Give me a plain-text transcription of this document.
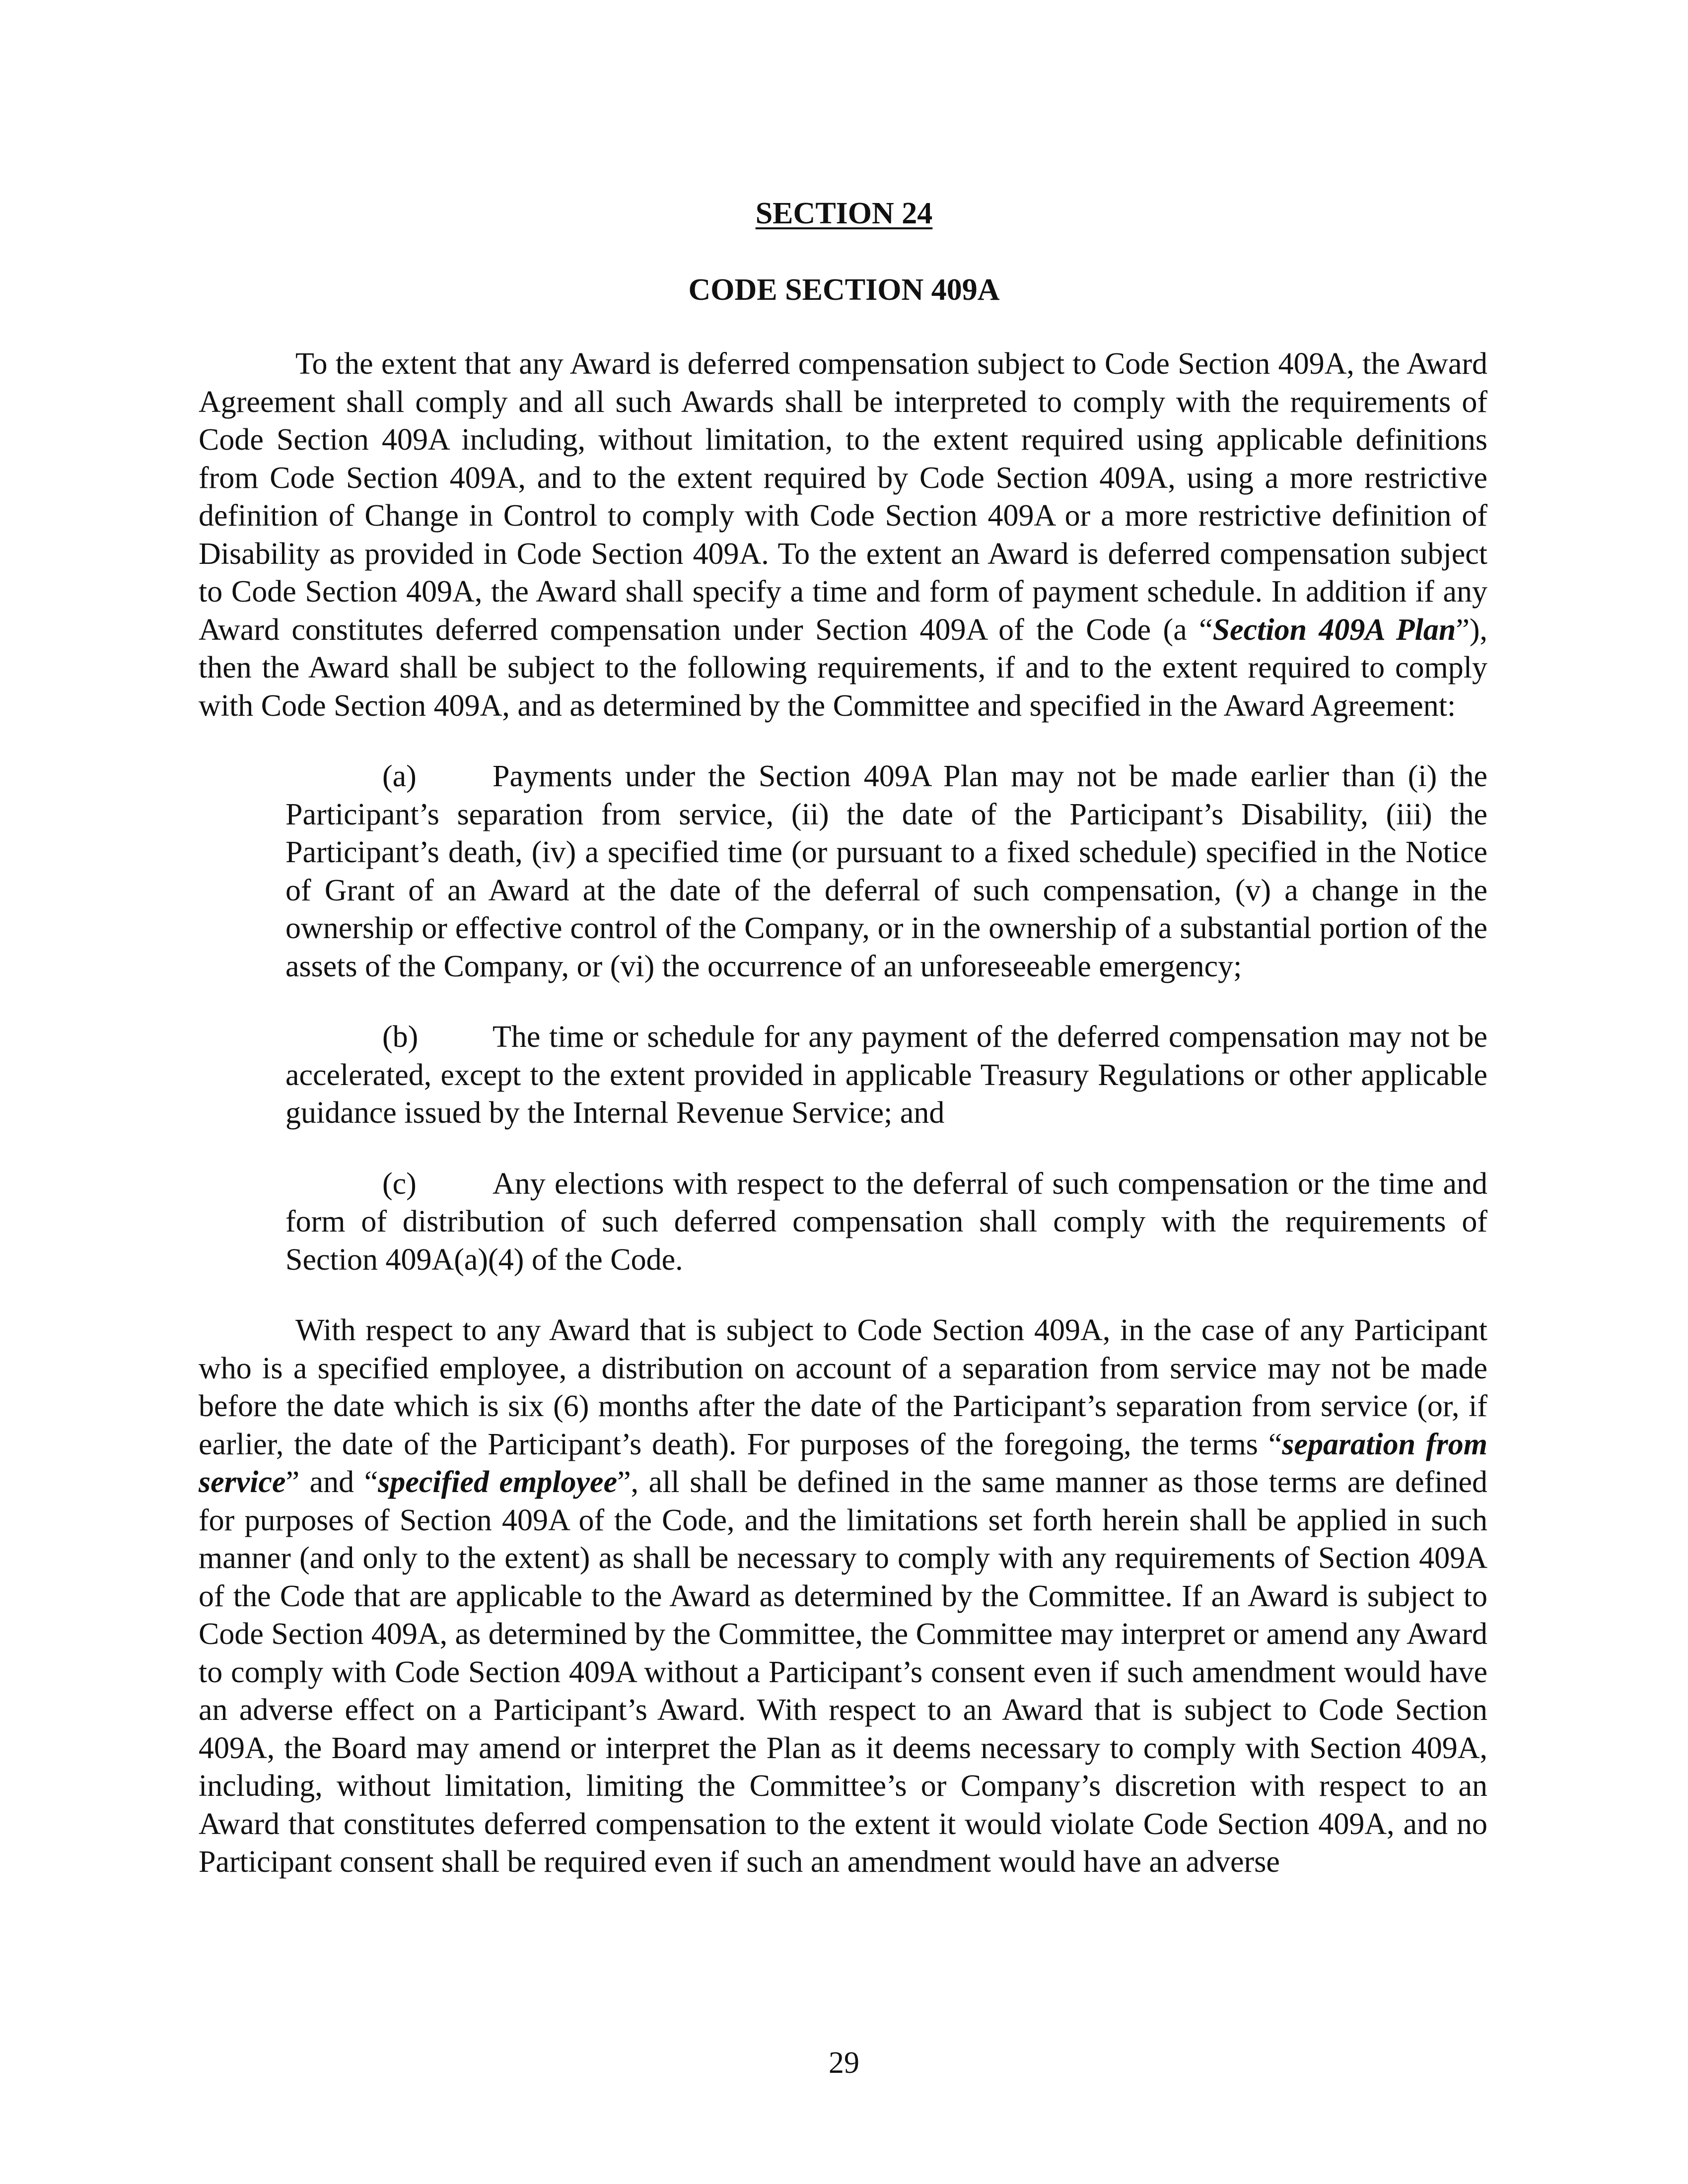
SECTION 24
CODE SECTION 409A

To the extent that any Award is deferred compensation subject to Code Section 409A, the Award Agreement shall comply and all such Awards shall be interpreted to comply with the requirements of Code Section 409A including, without limitation, to the extent required using applicable definitions from Code Section 409A, and to the extent required by Code Section 409A, using a more restrictive definition of Change in Control to comply with Code Section 409A or a more restrictive definition of Disability as provided in Code Section 409A. To the extent an Award is deferred compensation subject to Code Section 409A, the Award shall specify a time and form of payment schedule. In addition if any Award constitutes deferred compensation under Section 409A of the Code (a “Section 409A Plan”), then the Award shall be subject to the following requirements, if and to the extent required to comply with Code Section 409A, and as determined by the Committee and specified in the Award Agreement:

(a) Payments under the Section 409A Plan may not be made earlier than (i) the Participant’s separation from service, (ii) the date of the Participant’s Disability, (iii) the Participant’s death, (iv) a specified time (or pursuant to a fixed schedule) specified in the Notice of Grant of an Award at the date of the deferral of such compensation, (v) a change in the ownership or effective control of the Company, or in the ownership of a substantial portion of the assets of the Company, or (vi) the occurrence of an unforeseeable emergency;

(b) The time or schedule for any payment of the deferred compensation may not be accelerated, except to the extent provided in applicable Treasury Regulations or other applicable guidance issued by the Internal Revenue Service; and

(c) Any elections with respect to the deferral of such compensation or the time and form of distribution of such deferred compensation shall comply with the requirements of Section 409A(a)(4) of the Code.

With respect to any Award that is subject to Code Section 409A, in the case of any Participant who is a specified employee, a distribution on account of a separation from service may not be made before the date which is six (6) months after the date of the Participant’s separation from service (or, if earlier, the date of the Participant’s death). For purposes of the foregoing, the terms “separation from service” and “specified employee”, all shall be defined in the same manner as those terms are defined for purposes of Section 409A of the Code, and the limitations set forth herein shall be applied in such manner (and only to the extent) as shall be necessary to comply with any requirements of Section 409A of the Code that are applicable to the Award as determined by the Committee. If an Award is subject to Code Section 409A, as determined by the Committee, the Committee may interpret or amend any Award to comply with Code Section 409A without a Participant’s consent even if such amendment would have an adverse effect on a Participant’s Award. With respect to an Award that is subject to Code Section 409A, the Board may amend or interpret the Plan as it deems necessary to comply with Section 409A, including, without limitation, limiting the Committee’s or Company’s discretion with respect to an Award that constitutes deferred compensation to the extent it would violate Code Section 409A, and no Participant consent shall be required even if such an amendment would have an adverse

29
